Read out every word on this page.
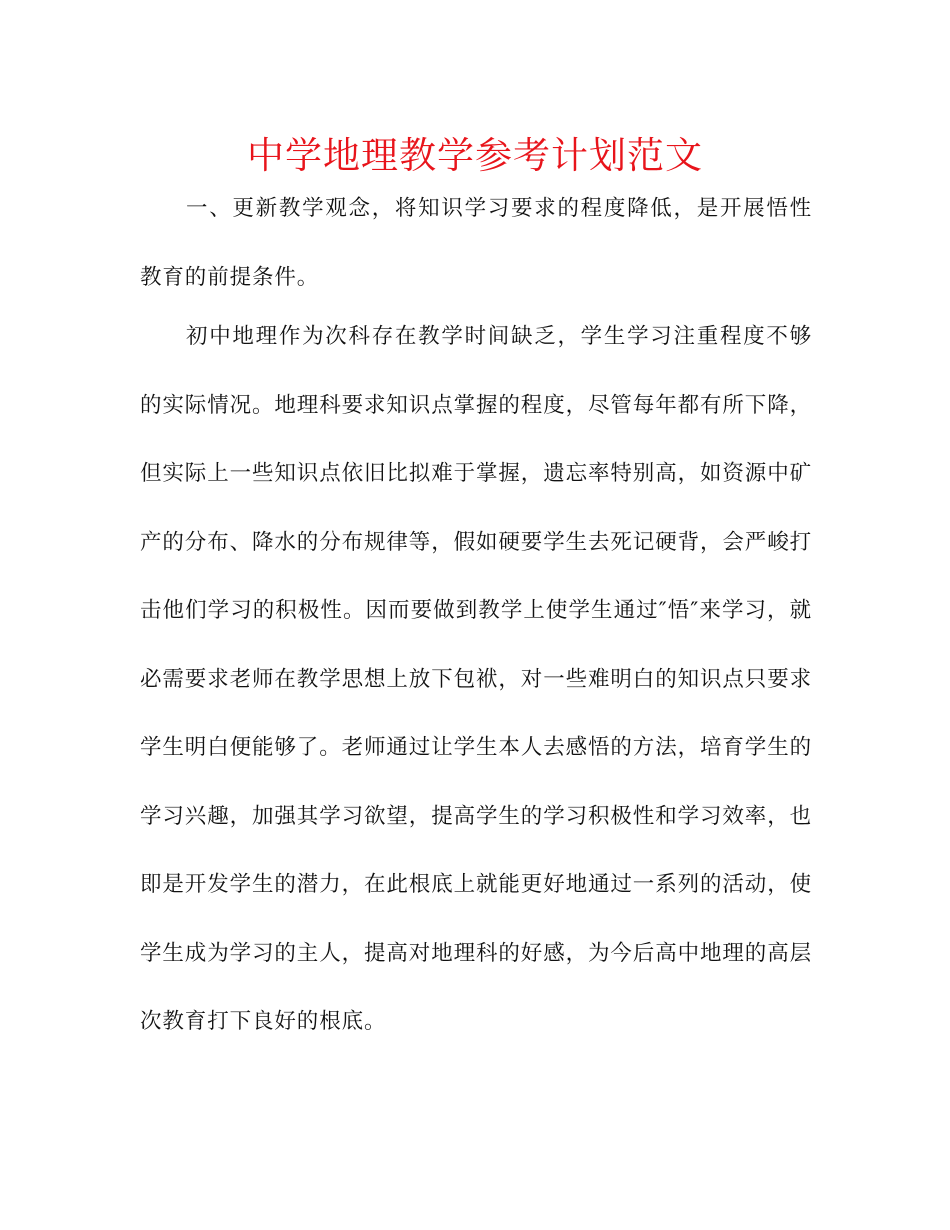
中学地理教学参考计划范文

一、更新教学观念，将知识学习要求的程度降低，是开展悟性教育的前提条件。

初中地理作为次科存在教学时间缺乏，学生学习注重程度不够的实际情况。地理科要求知识点掌握的程度，尽管每年都有所下降，但实际上一些知识点依旧比拟难于掌握，遗忘率特别高，如资源中矿产的分布、降水的分布规律等，假如硬要学生去死记硬背，会严峻打击他们学习的积极性。因而要做到教学上使学生通过″悟″来学习，就必需要求老师在教学思想上放下包袱，对一些难明白的知识点只要求学生明白便能够了。老师通过让学生本人去感悟的方法，培育学生的学习兴趣，加强其学习欲望，提高学生的学习积极性和学习效率，也即是开发学生的潜力，在此根底上就能更好地通过一系列的活动，使学生成为学习的主人，提高对地理科的好感，为今后高中地理的高层次教育打下良好的根底。
